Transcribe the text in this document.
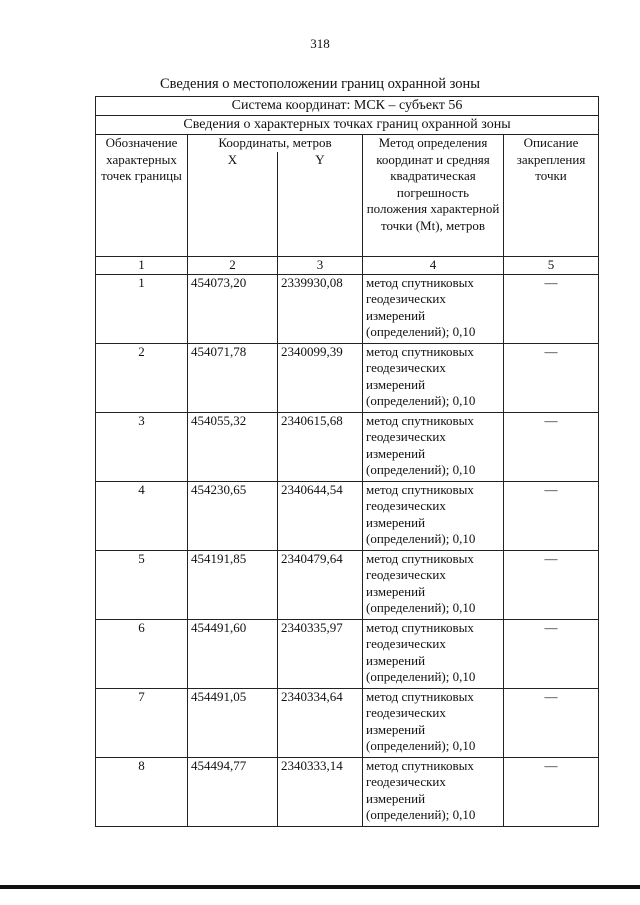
318
Сведения о местоположении границ охранной зоны
Система координат: МСК – субъект 56				
Сведения о характерных точках границ охранной зоны				
Обозначение характерных точек границы	Координаты, метров		Метод определения координат и средняя квадратическая погрешность положения характерной точки (Mt), метров	Описание закрепления точки
	X	Y		
1	2	3	4	5
1	454073,20	2339930,08	метод спутниковых геодезических измерений (определений); 0,10	—
2	454071,78	2340099,39	метод спутниковых геодезических измерений (определений); 0,10	—
3	454055,32	2340615,68	метод спутниковых геодезических измерений (определений); 0,10	—
4	454230,65	2340644,54	метод спутниковых геодезических измерений (определений); 0,10	—
5	454191,85	2340479,64	метод спутниковых геодезических измерений (определений); 0,10	—
6	454491,60	2340335,97	метод спутниковых геодезических измерений (определений); 0,10	—
7	454491,05	2340334,64	метод спутниковых геодезических измерений (определений); 0,10	—
8	454494,77	2340333,14	метод спутниковых геодезических измерений (определений); 0,10	—
